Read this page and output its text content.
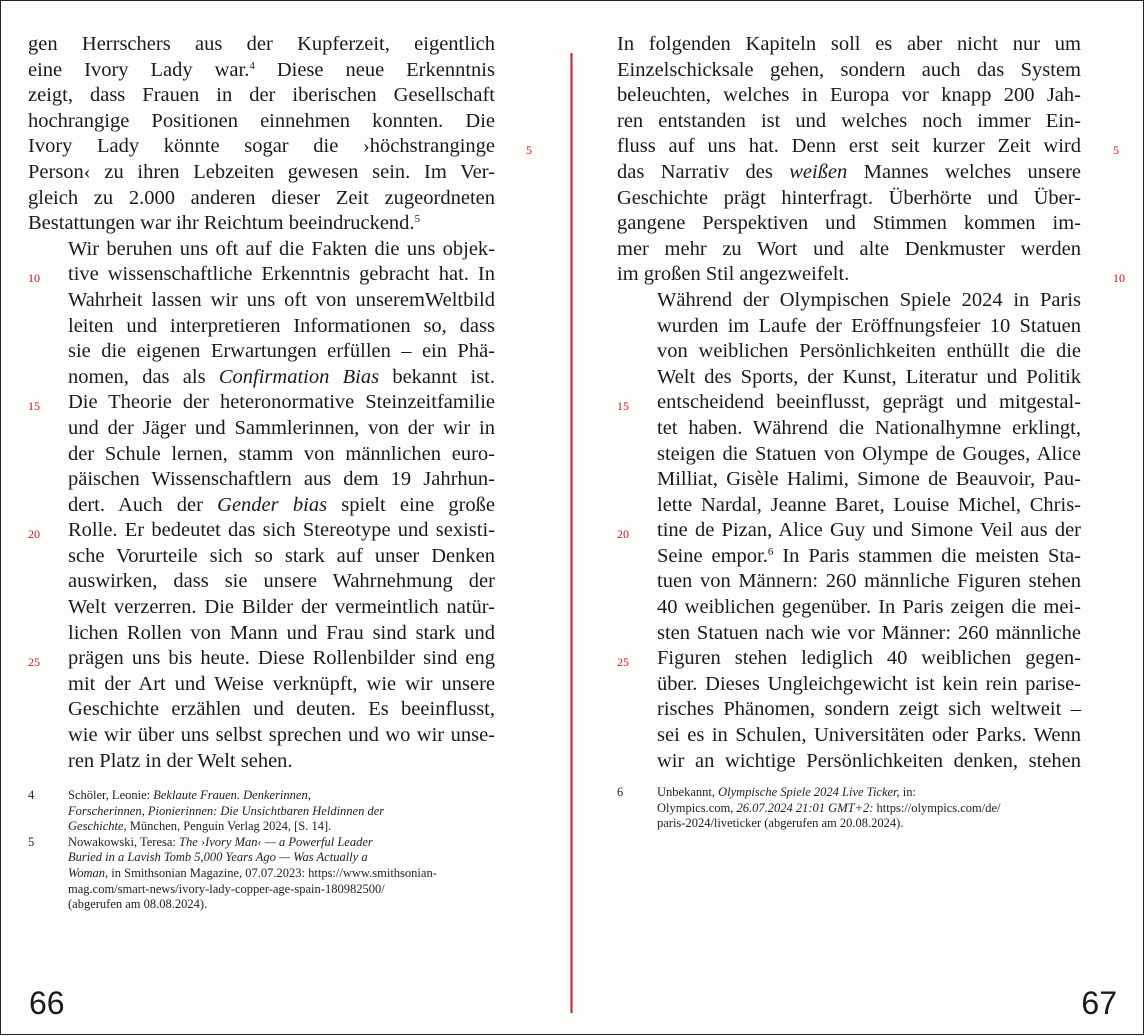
gen Herrschers aus der Kupferzeit, eigentlich
eine Ivory Lady war.$^4$ Diese neue Erkenntnis
zeigt, dass Frauen in der iberischen Gesellschaft
hochrangige Positionen einnehmen konnten. Die
Ivory Lady könnte sogar die ›höchstranginge
Person‹ zu ihren Lebzeiten gewesen sein. Im Ver-
gleich zu 2.000 anderen dieser Zeit zugeordneten
Bestattungen war ihr Reichtum beeindruckend.$^5$
Wir beruhen uns oft auf die Fakten die uns objek-
tive wissenschaftliche Erkenntnis gebracht hat. In
Wahrheit lassen wir uns oft von unseremWeltbild
leiten und interpretieren Informationen so, dass
sie die eigenen Erwartungen erfüllen – ein Phä-
nomen, das als Confirmation Bias bekannt ist.
Die Theorie der heteronormative Steinzeitfamilie
und der Jäger und Sammlerinnen, von der wir in
der Schule lernen, stamm von männlichen euro-
päischen Wissenschaftlern aus dem 19 Jahrhun-
dert. Auch der Gender bias spielt eine große
Rolle. Er bedeutet das sich Stereotype und sexisti-
sche Vorurteile sich so stark auf unser Denken
auswirken, dass sie unsere Wahrnehmung der
Welt verzerren. Die Bilder der vermeintlich natür-
lichen Rollen von Mann und Frau sind stark und
prägen uns bis heute. Diese Rollenbilder sind eng
mit der Art und Weise verknüpft, wie wir unsere
Geschichte erzählen und deuten. Es beeinflusst,
wie wir über uns selbst sprechen und wo wir unse-
ren Platz in der Welt sehen.
4	Schöler, Leonie: Beklaute Frauen. Denkerinnen,
Forscherinnen, Pionierinnen: Die Unsichtbaren Heldinnen der
Geschichte, München, Penguin Verlag 2024, [S. 14].
5	Nowakowski, Teresa: The ›Ivory Man‹ — a Powerful Leader
Buried in a Lavish Tomb 5,000 Years Ago — Was Actually a
Woman, in Smithsonian Magazine, 07.07.2023: https://www.smithsonian-
mag.com/smart-news/ivory-lady-copper-age-spain-180982500/
(abgerufen am 08.08.2024).
66
5
10
15
20
25
In folgenden Kapiteln soll es aber nicht nur um
Einzelschicksale gehen, sondern auch das System
beleuchten, welches in Europa vor knapp 200 Jah-
ren entstanden ist und welches noch immer Ein-
fluss auf uns hat. Denn erst seit kurzer Zeit wird
das Narrativ des weißen Mannes welches unsere
Geschichte prägt hinterfragt. Überhörte und Über-
gangene Perspektiven und Stimmen kommen im-
mer mehr zu Wort und alte Denkmuster werden
im großen Stil angezweifelt.
Während der Olympischen Spiele 2024 in Paris
wurden im Laufe der Eröffnungsfeier 10 Statuen
von weiblichen Persönlichkeiten enthüllt die die
Welt des Sports, der Kunst, Literatur und Politik
entscheidend beeinflusst, geprägt und mitgestal-
tet haben. Während die Nationalhymne erklingt,
steigen die Statuen von Olympe de Gouges, Alice
Milliat, Gisèle Halimi, Simone de Beauvoir, Pau-
lette Nardal, Jeanne Baret, Louise Michel, Chris-
tine de Pizan, Alice Guy und Simone Veil aus der
Seine empor.$^6$ In Paris stammen die meisten Sta-
tuen von Männern: 260 männliche Figuren stehen
40 weiblichen gegenüber. In Paris zeigen die mei-
sten Statuen nach wie vor Männer: 260 männliche
Figuren stehen lediglich 40 weiblichen gegen-
über. Dieses Ungleichgewicht ist kein rein parise-
risches Phänomen, sondern zeigt sich weltweit –
sei es in Schulen, Universitäten oder Parks. Wenn
wir an wichtige Persönlichkeiten denken, stehen
6	Unbekannt, Olympische Spiele 2024 Live Ticker, in:
Olympics.com, 26.07.2024 21:01 GMT+2: https://olympics.com/de/
paris-2024/liveticker (abgerufen am 20.08.2024).
67
5
10
15
20
25
